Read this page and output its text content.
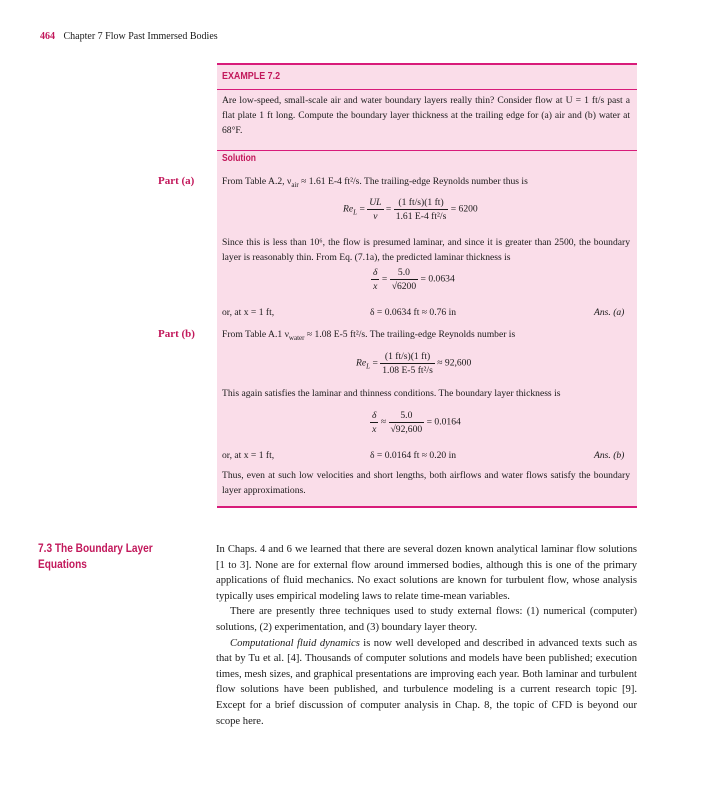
464 Chapter 7 Flow Past Immersed Bodies
EXAMPLE 7.2
Are low-speed, small-scale air and water boundary layers really thin? Consider flow at U = 1 ft/s past a flat plate 1 ft long. Compute the boundary layer thickness at the trailing edge for (a) air and (b) water at 68°F.
Solution
Part (a)	From Table A.2, $\nu_{air} \approx 1.61$ E-4 ft²/s. The trailing-edge Reynolds number thus is
$Re_L = \frac{UL}{\nu} = \frac{(1 ft/s)(1 ft)}{\text{1.61 E-4 ft²/s}} = 6200$
Since this is less than 10⁶, the flow is presumed laminar, and since it is greater than 2500, the boundary layer is reasonably thin. From Eq. (7.1a), the predicted laminar thickness is
$\frac{\delta}{x} = \frac{5.0}{√6200} = 0.0634$
or, at x = 1 ft,	δ = 0.0634 ft ≈ 0.76 in	Ans. (a)
Part (b)	From Table A.1 $\nu_{water} \approx 1.08$ E-5 ft²/s. The trailing-edge Reynolds number is
$Re_L = \frac{(1 ft/s)(1 ft)}{\text{1.08 E-5 ft²/s}} \approx 92,600$
This again satisfies the laminar and thinness conditions. The boundary layer thickness is
$\frac{\delta}{x} \approx \frac{5.0}{√92,600} = 0.0164$
or, at x = 1 ft,	δ = 0.0164 ft ≈ 0.20 in	Ans. (b)
Thus, even at such low velocities and short lengths, both airflows and water flows satisfy the boundary layer approximations.
7.3 The Boundary Layer Equations

In Chaps. 4 and 6 we learned that there are several dozen known analytical laminar flow solutions [1 to 3]. None are for external flow around immersed bodies, although this is one of the primary applications of fluid mechanics. No exact solutions are known for turbulent flow, whose analysis typically uses empirical modeling laws to relate time-mean variables.

There are presently three techniques used to study external flows: (1) numerical (computer) solutions, (2) experimentation, and (3) boundary layer theory.

Computational fluid dynamics is now well developed and described in advanced texts such as that by Tu et al. [4]. Thousands of computer solutions and models have been published; execution times, mesh sizes, and graphical presentations are improving each year. Both laminar and turbulent flow solutions have been published, and turbulence modeling is a current research topic [9]. Except for a brief discussion of computer analysis in Chap. 8, the topic of CFD is beyond our scope here.
